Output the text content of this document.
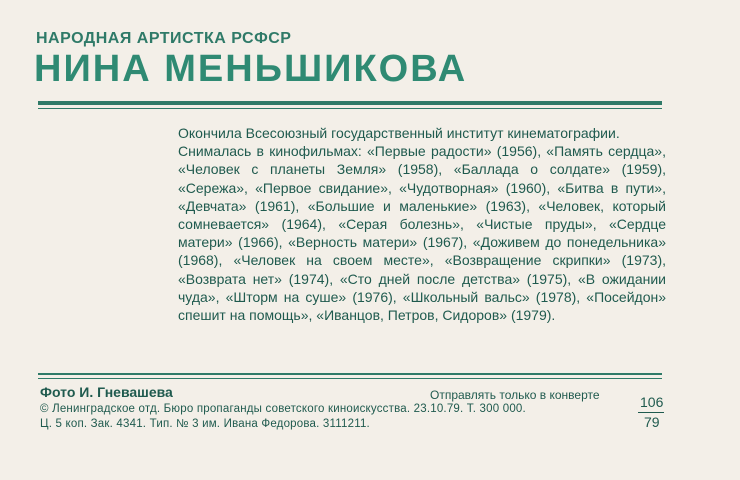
НАРОДНАЯ АРТИСТКА РСФСР
НИНА МЕНЬШИКОВА

Окончила Всесоюзный государственный институт кинематографии.

Снималась в кинофильмах: «Первые радости» (1956), «Память сердца», «Человек с планеты Земля» (1958), «Баллада о солдате» (1959), «Сережа», «Первое свидание», «Чудотворная» (1960), «Битва в пути», «Девчата» (1961), «Большие и маленькие» (1963), «Человек, который сомневается» (1964), «Серая болезнь», «Чистые пруды», «Сердце матери» (1966), «Верность матери» (1967), «Доживем до понедельника» (1968), «Человек на своем месте», «Возвращение скрипки» (1973), «Возврата нет» (1974), «Сто дней после детства» (1975), «В ожидании чуда», «Шторм на суше» (1976), «Школьный вальс» (1978), «Посейдон» спешит на помощь», «Иванцов, Петров, Сидоров» (1979).

Фото И. Гневашева	Отправлять только в конверте
© Ленинградское отд. Бюро пропаганды советского киноискусства. 23.10.79. Т. 300 000.
Ц. 5 коп. Зак. 4341. Тип. № 3 им. Ивана Федорова. 3111211.
106
79
